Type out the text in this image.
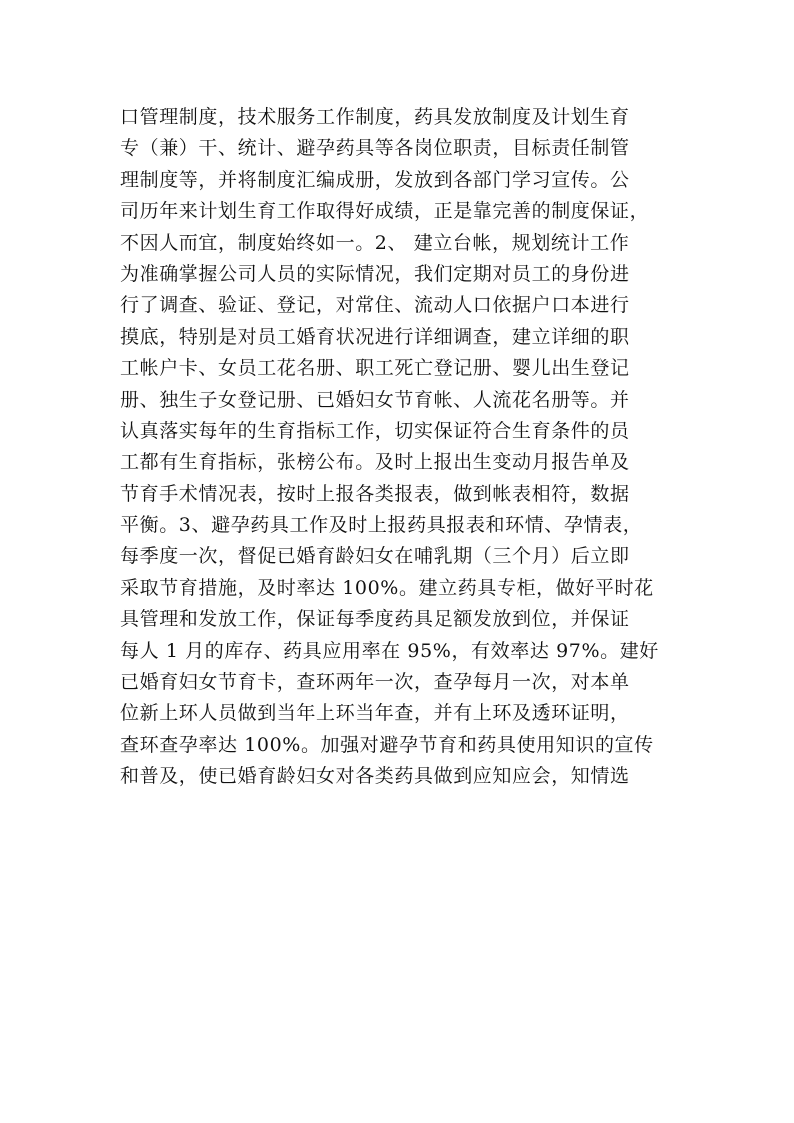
口管理制度，技术服务工作制度，药具发放制度及计划生育
专（兼）干、统计、避孕药具等各岗位职责，目标责任制管
理制度等，并将制度汇编成册，发放到各部门学习宣传。公
司历年来计划生育工作取得好成绩，正是靠完善的制度保证，
不因人而宜，制度始终如一。2、 建立台帐，规划统计工作
为准确掌握公司人员的实际情况，我们定期对员工的身份进
行了调查、验证、登记，对常住、流动人口依据户口本进行
摸底，特别是对员工婚育状况进行详细调查，建立详细的职
工帐户卡、女员工花名册、职工死亡登记册、婴儿出生登记
册、独生子女登记册、已婚妇女节育帐、人流花名册等。并
认真落实每年的生育指标工作，切实保证符合生育条件的员
工都有生育指标，张榜公布。及时上报出生变动月报告单及
节育手术情况表，按时上报各类报表，做到帐表相符，数据
平衡。3、避孕药具工作及时上报药具报表和环情、孕情表，
每季度一次，督促已婚育龄妇女在哺乳期（三个月）后立即
采取节育措施，及时率达 100%。建立药具专柜，做好平时花
具管理和发放工作，保证每季度药具足额发放到位，并保证
每人 1 月的库存、药具应用率在 95%，有效率达 97%。建好
已婚育妇女节育卡，查环两年一次，查孕每月一次，对本单
位新上环人员做到当年上环当年查，并有上环及透环证明，
查环查孕率达 100%。加强对避孕节育和药具使用知识的宣传
和普及，使已婚育龄妇女对各类药具做到应知应会，知情选
